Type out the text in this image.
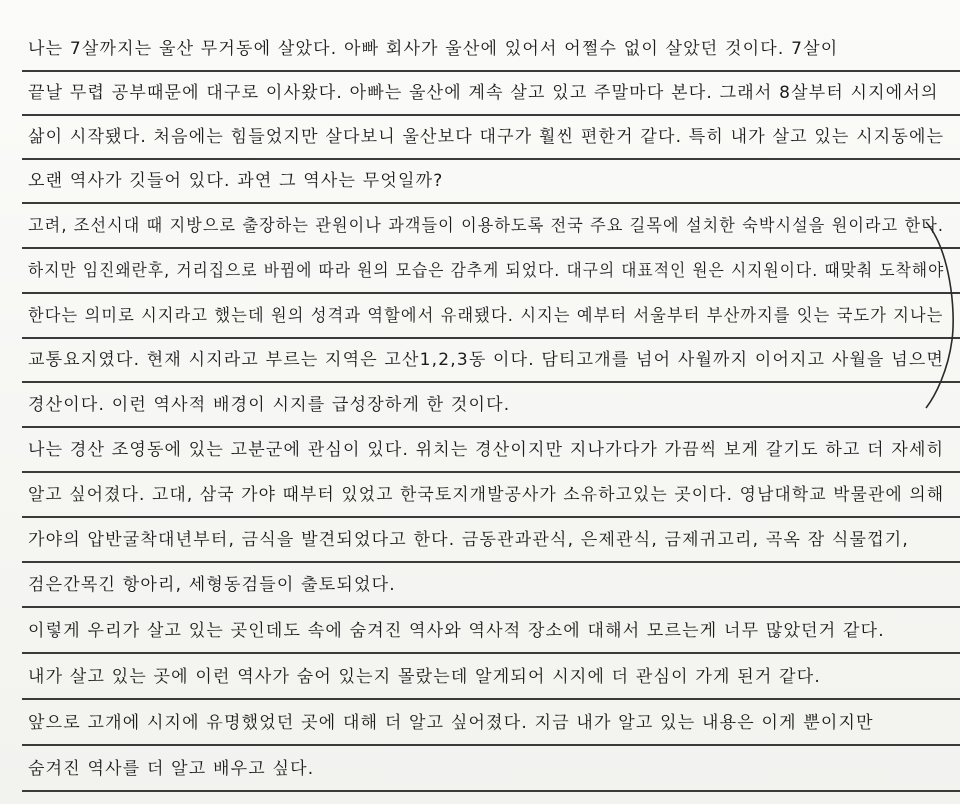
나는 7살까지는 울산 무거동에 살았다. 아빠 회사가 울산에 있어서 어쩔수 없이 살았던 것이다. 7살이
끝날 무렵 공부때문에 대구로 이사왔다. 아빠는 울산에 계속 살고 있고 주말마다 본다. 그래서 8살부터 시지에서의
삶이 시작됐다. 처음에는 힘들었지만 살다보니 울산보다 대구가 훨씬 편한거 같다. 특히 내가 살고 있는 시지동에는
오랜 역사가 깃들어 있다. 과연 그 역사는 무엇일까?
고려, 조선시대 때 지방으로 출장하는 관원이나 과객들이 이용하도록 전국 주요 길목에 설치한 숙박시설을 원이라고 한다.
하지만 임진왜란후, 거리집으로 바뀜에 따라 원의 모습은 감추게 되었다. 대구의 대표적인 원은 시지원이다. 때맞춰 도착해야
한다는 의미로 시지라고 했는데 원의 성격과 역할에서 유래됐다. 시지는 예부터 서울부터 부산까지를 잇는 국도가 지나는
교통요지였다. 현재 시지라고 부르는 지역은 고산1,2,3동 이다. 담티고개를 넘어 사월까지 이어지고 사월을 넘으면
경산이다. 이런 역사적 배경이 시지를 급성장하게 한 것이다.
나는 경산 조영동에 있는 고분군에 관심이 있다. 위치는 경산이지만 지나가다가 가끔씩 보게 갈기도 하고 더 자세히
알고 싶어졌다. 고대, 삼국 가야 때부터 있었고 한국토지개발공사가 소유하고있는 곳이다. 영남대학교 박물관에 의해
가야의 압반굴착대년부터, 금식을 발견되었다고 한다. 금동관과관식, 은제관식, 금제귀고리, 곡옥 잠 식물껍기,
검은간목긴 항아리, 세형동검들이 출토되었다.
이렇게 우리가 살고 있는 곳인데도 속에 숨겨진 역사와 역사적 장소에 대해서 모르는게 너무 많았던거 같다.
내가 살고 있는 곳에 이런 역사가 숨어 있는지 몰랐는데 알게되어 시지에 더 관심이 가게 된거 같다.
앞으로 고개에 시지에 유명했었던 곳에 대해 더 알고 싶어졌다. 지금 내가 알고 있는 내용은 이게 뿐이지만
숨겨진 역사를 더 알고 배우고 싶다.
